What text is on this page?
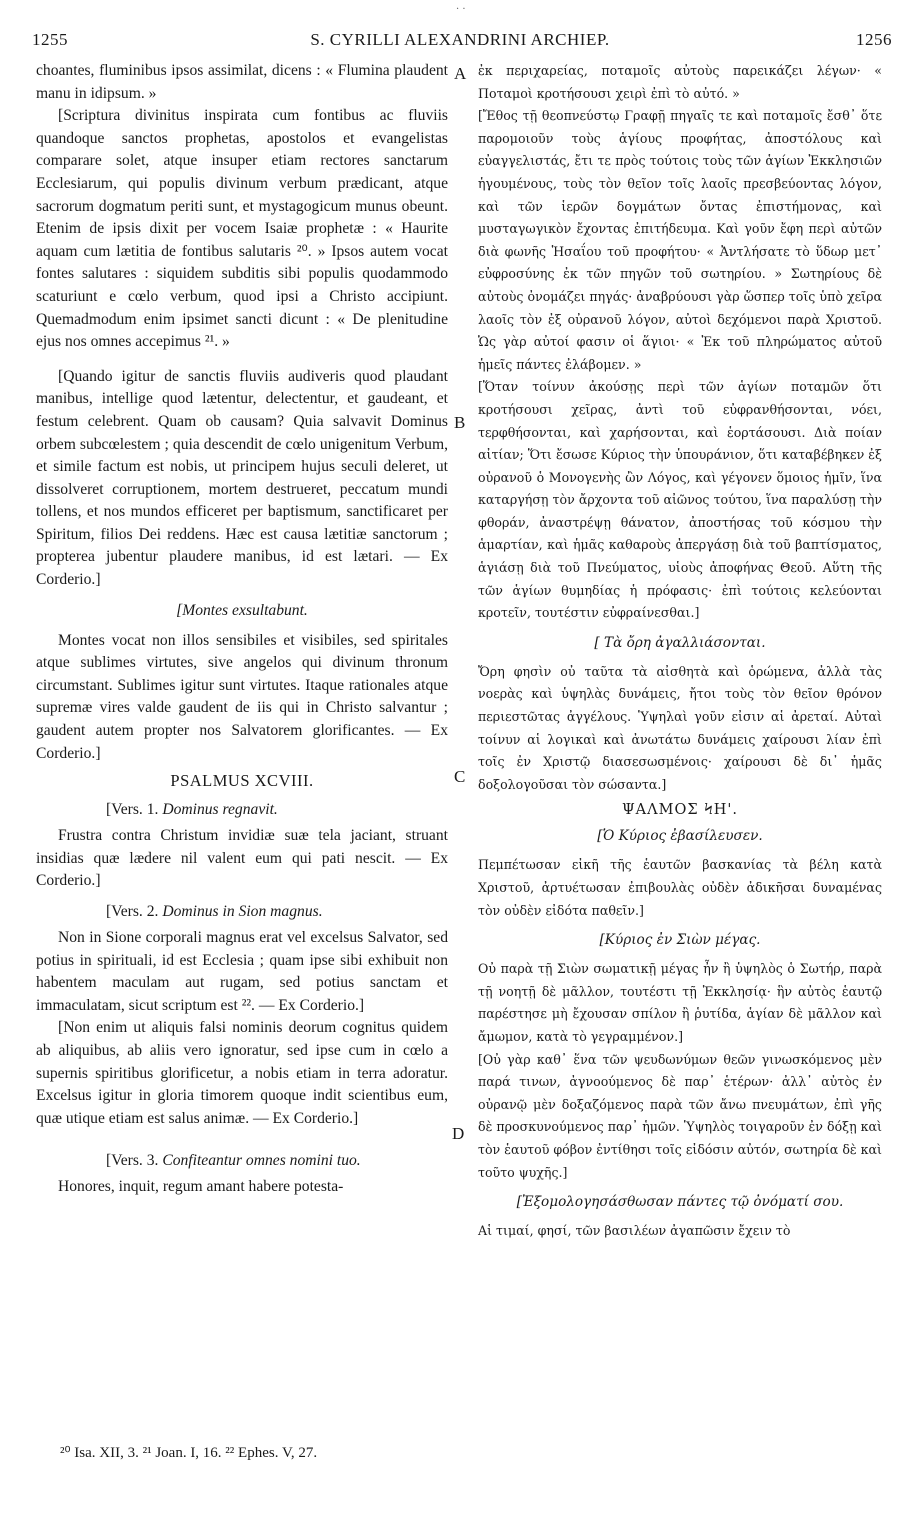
· ·
1255	S. CYRILLI ALEXANDRINI ARCHIEP.	1256
A
B
C
D

choantes, fluminibus ipsos assimilat, dicens : « Flumina plaudent manu in idipsum. »

[Scriptura divinitus inspirata cum fontibus ac fluviis quandoque sanctos prophetas, apostolos et evangelistas comparare solet, atque insuper etiam rectores sanctarum Ecclesiarum, qui populis divinum verbum prædicant, atque sacrorum dogmatum periti sunt, et mystagogicum munus obeunt. Etenim de ipsis dixit per vocem Isaiæ prophetæ : « Haurite aquam cum lætitia de fontibus salutaris ²⁰. » Ipsos autem vocat fontes salutares : siquidem subditis sibi populis quodammodo scaturiunt e cœlo verbum, quod ipsi a Christo accipiunt. Quemadmodum enim ipsimet sancti dicunt : « De plenitudine ejus nos omnes accepimus ²¹. »

[Quando igitur de sanctis fluviis audiveris quod plaudant manibus, intellige quod lætentur, delectentur, et gaudeant, et festum celebrent. Quam ob causam? Quia salvavit Dominus orbem subcœlestem ; quia descendit de cœlo unigenitum Verbum, et simile factum est nobis, ut principem hujus seculi deleret, ut dissolveret corruptionem, mortem destrueret, peccatum mundi tollens, et nos mundos efficeret per baptismum, sanctificaret per Spiritum, filios Dei reddens. Hæc est causa lætitiæ sanctorum ; propterea jubentur plaudere manibus, id est lætari. — Ex Corderio.]

[Montes exsultabunt.

Montes vocat non illos sensibiles et visibiles, sed spiritales atque sublimes virtutes, sive angelos qui divinum thronum circumstant. Sublimes igitur sunt virtutes. Itaque rationales atque supremæ vires valde gaudent de iis qui in Christo salvantur ; gaudent autem propter nos Salvatorem glorificantes. — Ex Corderio.]

PSALMUS XCVIII.
[Vers. 1. Dominus regnavit.

Frustra contra Christum invidiæ suæ tela jaciant, struant insidias quæ lædere nil valent eum qui pati nescit. — Ex Corderio.]

[Vers. 2. Dominus in Sion magnus.

Non in Sione corporali magnus erat vel excelsus Salvator, sed potius in spirituali, id est Ecclesia ; quam ipse sibi exhibuit non habentem maculam aut rugam, sed potius sanctam et immaculatam, sicut scriptum est ²². — Ex Corderio.]

[Non enim ut aliquis falsi nominis deorum cognitus quidem ab aliquibus, ab aliis vero ignoratur, sed ipse cum in cœlo a supernis spiritibus glorificetur, a nobis etiam in terra adoratur. Excelsus igitur in gloria timorem quoque indit scientibus eum, quæ utique etiam est salus animæ. — Ex Corderio.]

[Vers. 3. Confiteantur omnes nomini tuo.

Honores, inquit, regum amant habere potesta-

ἐκ περιχαρείας, ποταμοῖς αὐτοὺς παρεικάζει λέγων· « Ποταμοὶ κροτήσουσι χειρὶ ἐπὶ τὸ αὐτό. »

[Ἔθος τῇ θεοπνεύστῳ Γραφῇ πηγαῖς τε καὶ ποταμοῖς ἔσθ᾽ ὅτε παρομοιοῦν τοὺς ἁγίους προφήτας, ἀποστόλους καὶ εὐαγγελιστάς, ἔτι τε πρὸς τούτοις τοὺς τῶν ἁγίων Ἐκκλησιῶν ἡγουμένους, τοὺς τὸν θεῖον τοῖς λαοῖς πρεσβεύοντας λόγον, καὶ τῶν ἱερῶν δογμάτων ὄντας ἐπιστήμονας, καὶ μυσταγωγικὸν ἔχοντας ἐπιτήδευμα. Καὶ γοῦν ἔφη περὶ αὐτῶν διὰ φωνῆς Ἡσαΐου τοῦ προφήτου· « Ἀντλήσατε τὸ ὕδωρ μετ᾽ εὐφροσύνης ἐκ τῶν πηγῶν τοῦ σωτηρίου. » Σωτηρίους δὲ αὐτοὺς ὀνομάζει πηγάς· ἀναβρύουσι γὰρ ὥσπερ τοῖς ὑπὸ χεῖρα λαοῖς τὸν ἐξ οὐρανοῦ λόγον, αὐτοὶ δεχόμενοι παρὰ Χριστοῦ. Ὡς γὰρ αὐτοί φασιν οἱ ἅγιοι· « Ἐκ τοῦ πληρώματος αὐτοῦ ἡμεῖς πάντες ἐλάβομεν. »

[Ὅταν τοίνυν ἀκούσῃς περὶ τῶν ἁγίων ποταμῶν ὅτι κροτήσουσι χεῖρας, ἀντὶ τοῦ εὐφρανθήσονται, νόει, τερφθήσονται, καὶ χαρήσονται, καὶ ἑορτάσουσι. Διὰ ποίαν αἰτίαν; Ὅτι ἔσωσε Κύριος τὴν ὑπουράνιον, ὅτι καταβέβηκεν ἐξ οὐρανοῦ ὁ Μονογενὴς ὢν Λόγος, καὶ γέγονεν ὅμοιος ἡμῖν, ἵνα καταργήσῃ τὸν ἄρχοντα τοῦ αἰῶνος τούτου, ἵνα παραλύσῃ τὴν φθοράν, ἀναστρέψῃ θάνατον, ἀποστήσας τοῦ κόσμου τὴν ἁμαρτίαν, καὶ ἡμᾶς καθαροὺς ἀπεργάσῃ διὰ τοῦ βαπτίσματος, ἁγιάσῃ διὰ τοῦ Πνεύματος, υἱοὺς ἀποφήνας Θεοῦ. Αὕτη τῆς τῶν ἁγίων θυμηδίας ἡ πρόφασις· ἐπὶ τούτοις κελεύονται κροτεῖν, τουτέστιν εὐφραίνεσθαι.]

[ Τὰ ὄρη ἀγαλλιάσονται.

Ὄρη φησὶν οὐ ταῦτα τὰ αἰσθητὰ καὶ ὁρώμενα, ἀλλὰ τὰς νοερὰς καὶ ὑψηλὰς δυνάμεις, ἤτοι τοὺς τὸν θεῖον θρόνον περιεστῶτας ἀγγέλους. Ὑψηλαὶ γοῦν εἰσιν αἱ ἀρεταί. Αὐταὶ τοίνυν αἱ λογικαὶ καὶ ἀνωτάτω δυνάμεις χαίρουσι λίαν ἐπὶ τοῖς ἐν Χριστῷ διασεσωσμένοις· χαίρουσι δὲ δι᾽ ἡμᾶς δοξολογοῦσαι τὸν σώσαντα.]

ΨΑΛΜΟΣ ϞΗ'.
[Ὁ Κύριος ἐβασίλευσεν.

Πεμπέτωσαν εἰκῆ τῆς ἑαυτῶν βασκανίας τὰ βέλη κατὰ Χριστοῦ, ἀρτυέτωσαν ἐπιβουλὰς οὐδὲν ἀδικῆσαι δυναμένας τὸν οὐδὲν εἰδότα παθεῖν.]

[Κύριος ἐν Σιὼν μέγας.

Οὐ παρὰ τῇ Σιὼν σωματικῇ μέγας ἦν ἢ ὑψηλὸς ὁ Σωτήρ, παρὰ τῇ νοητῇ δὲ μᾶλλον, τουτέστι τῇ Ἐκκλησίᾳ· ἣν αὐτὸς ἑαυτῷ παρέστησε μὴ ἔχουσαν σπίλον ἢ ῥυτίδα, ἁγίαν δὲ μᾶλλον καὶ ἄμωμον, κατὰ τὸ γεγραμμένον.]

[Οὐ γὰρ καθ᾽ ἕνα τῶν ψευδωνύμων θεῶν γινωσκόμενος μὲν παρά τινων, ἀγνοούμενος δὲ παρ᾽ ἑτέρων· ἀλλ᾽ αὐτὸς ἐν οὐρανῷ μὲν δοξαζόμενος παρὰ τῶν ἄνω πνευμάτων, ἐπὶ γῆς δὲ προσκυνούμενος παρ᾽ ἡμῶν. Ὑψηλὸς τοιγαροῦν ἐν δόξῃ καὶ τὸν ἑαυτοῦ φόβον ἐντίθησι τοῖς εἰδόσιν αὐτόν, σωτηρία δὲ καὶ τοῦτο ψυχῆς.]

[Ἐξομολογησάσθωσαν πάντες τῷ ὀνόματί σου.

Αἱ τιμαί, φησί, τῶν βασιλέων ἀγαπῶσιν ἔχειν τὸ

²⁰ Isa. XII, 3. ²¹ Joan. I, 16. ²² Ephes. V, 27.
